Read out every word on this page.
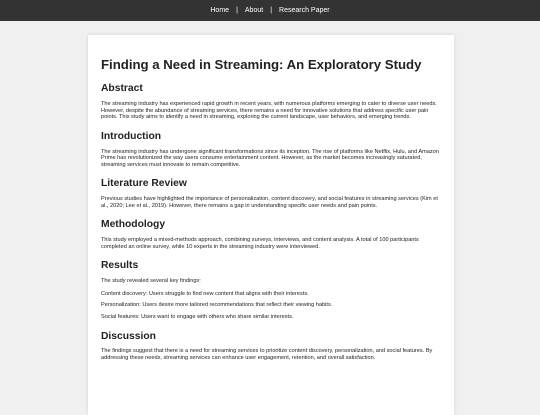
Home | About | Research Paper
Finding a Need in Streaming: An Exploratory Study
Abstract

The streaming industry has experienced rapid growth in recent years, with numerous platforms emerging to cater to diverse user needs. However, despite the abundance of streaming services, there remains a need for innovative solutions that address specific user pain points. This study aims to identify a need in streaming, exploring the current landscape, user behaviors, and emerging trends.

Introduction

The streaming industry has undergone significant transformations since its inception. The rise of platforms like Netflix, Hulu, and Amazon Prime has revolutionized the way users consume entertainment content. However, as the market becomes increasingly saturated, streaming services must innovate to remain competitive.

Literature Review

Previous studies have highlighted the importance of personalization, content discovery, and social features in streaming services (Kim et al., 2020; Lee et al., 2019). However, there remains a gap in understanding specific user needs and pain points.

Methodology

This study employed a mixed-methods approach, combining surveys, interviews, and content analysis. A total of 100 participants completed an online survey, while 10 experts in the streaming industry were interviewed.

Results

The study revealed several key findings:

Content discovery: Users struggle to find new content that aligns with their interests.

Personalization: Users desire more tailored recommendations that reflect their viewing habits.

Social features: Users want to engage with others who share similar interests.

Discussion

The findings suggest that there is a need for streaming services to prioritize content discovery, personalization, and social features. By addressing these needs, streaming services can enhance user engagement, retention, and overall satisfaction.
